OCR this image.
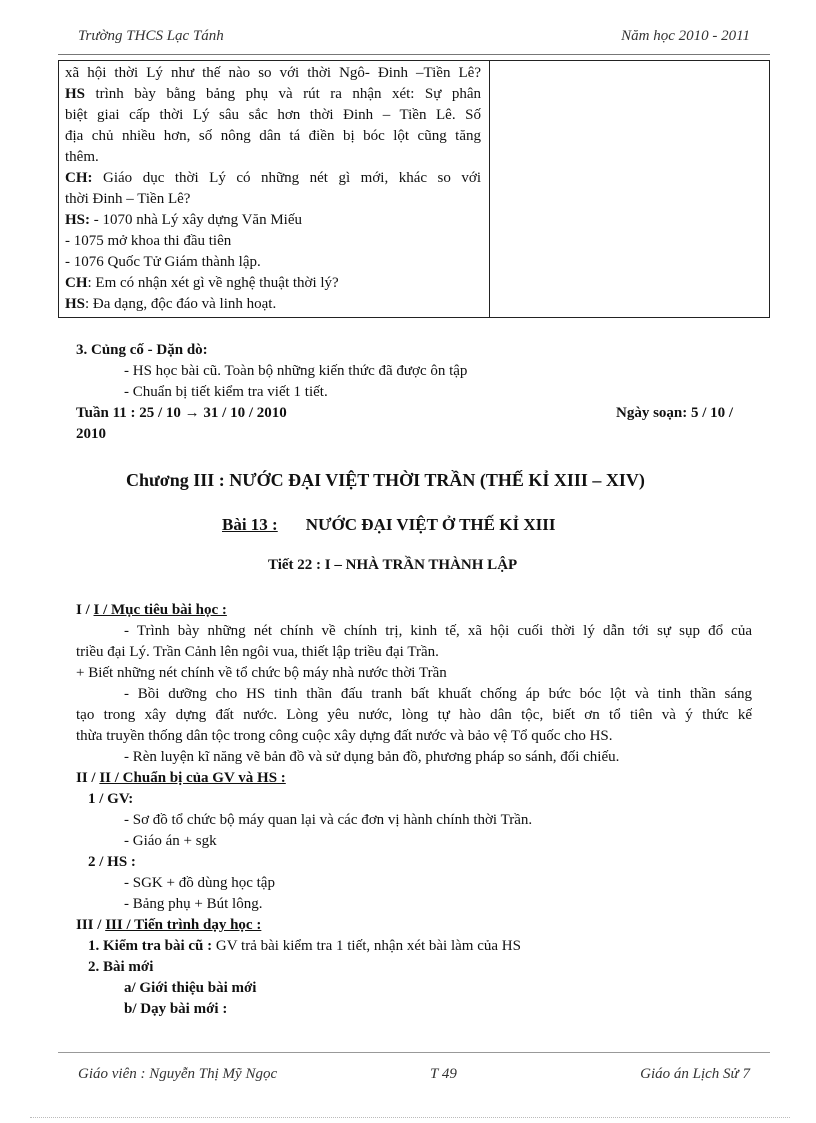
Trường THCS Lạc Tánh	Năm học 2010 - 2011
xã hội thời Lý như thế nào so với thời Ngô- Đinh –Tiền Lê?
HS trình bày bằng bảng phụ và rút ra nhận xét: Sự phân
biệt giai cấp thời Lý sâu sắc hơn thời Đinh – Tiền Lê. Số
địa chủ nhiều hơn, số nông dân tá điền bị bóc lột cũng tăng
thêm.
CH: Giáo dục thời Lý có những nét gì mới, khác so với
thời Đinh – Tiền Lê?
HS: - 1070 nhà Lý xây dựng Văn Miếu
- 1075 mở khoa thi đầu tiên
- 1076 Quốc Tử Giám thành lập.
CH: Em có nhận xét gì về nghệ thuật thời lý?
HS: Đa dạng, độc đáo và linh hoạt.

3. Củng cố - Dặn dò:
- HS học bài cũ. Toàn bộ những kiến thức đã được ôn tập
- Chuẩn bị tiết kiểm tra viết 1 tiết.
Tuần 11 : 25 / 10 → 31 / 10 / 2010	Ngày soạn: 5 / 10 /
2010
Chương III : NƯỚC ĐẠI VIỆT THỜI TRẦN (THẾ KỈ XIII – XIV)
Bài 13 : NƯỚC ĐẠI VIỆT Ở THẾ KỈ XIII
Tiết 22 : I – NHÀ TRẦN THÀNH LẬP
I / I / Mục tiêu bài học :
- Trình bày những nét chính về chính trị, kinh tế, xã hội cuối thời lý dẫn tới sự sụp đổ của
triều đại Lý. Trần Cảnh lên ngôi vua, thiết lập triều đại Trần.
+ Biết những nét chính về tổ chức bộ máy nhà nước thời Trần
- Bồi dưỡng cho HS tinh thần đấu tranh bất khuất chống áp bức bóc lột và tinh thần sáng
tạo trong xây dựng đất nước. Lòng yêu nước, lòng tự hào dân tộc, biết ơn tổ tiên và ý thức kế
thừa truyền thống dân tộc trong công cuộc xây dựng đất nước và bảo vệ Tổ quốc cho HS.
- Rèn luyện kĩ năng vẽ bản đồ và sử dụng bản đồ, phương pháp so sánh, đối chiếu.
II / II / Chuẩn bị của GV và HS :
1 / GV:
- Sơ đồ tổ chức bộ máy quan lại và các đơn vị hành chính thời Trần.
- Giáo án + sgk
2 / HS :
- SGK + đồ dùng học tập
- Bảng phụ + Bút lông.
III / III / Tiến trình dạy học :
1. Kiểm tra bài cũ : GV trả bài kiểm tra 1 tiết, nhận xét bài làm của HS
2. Bài mới
a/ Giới thiệu bài mới
b/ Dạy bài mới :
Giáo viên : Nguyễn Thị Mỹ Ngọc	T 49	Giáo án Lịch Sử 7
